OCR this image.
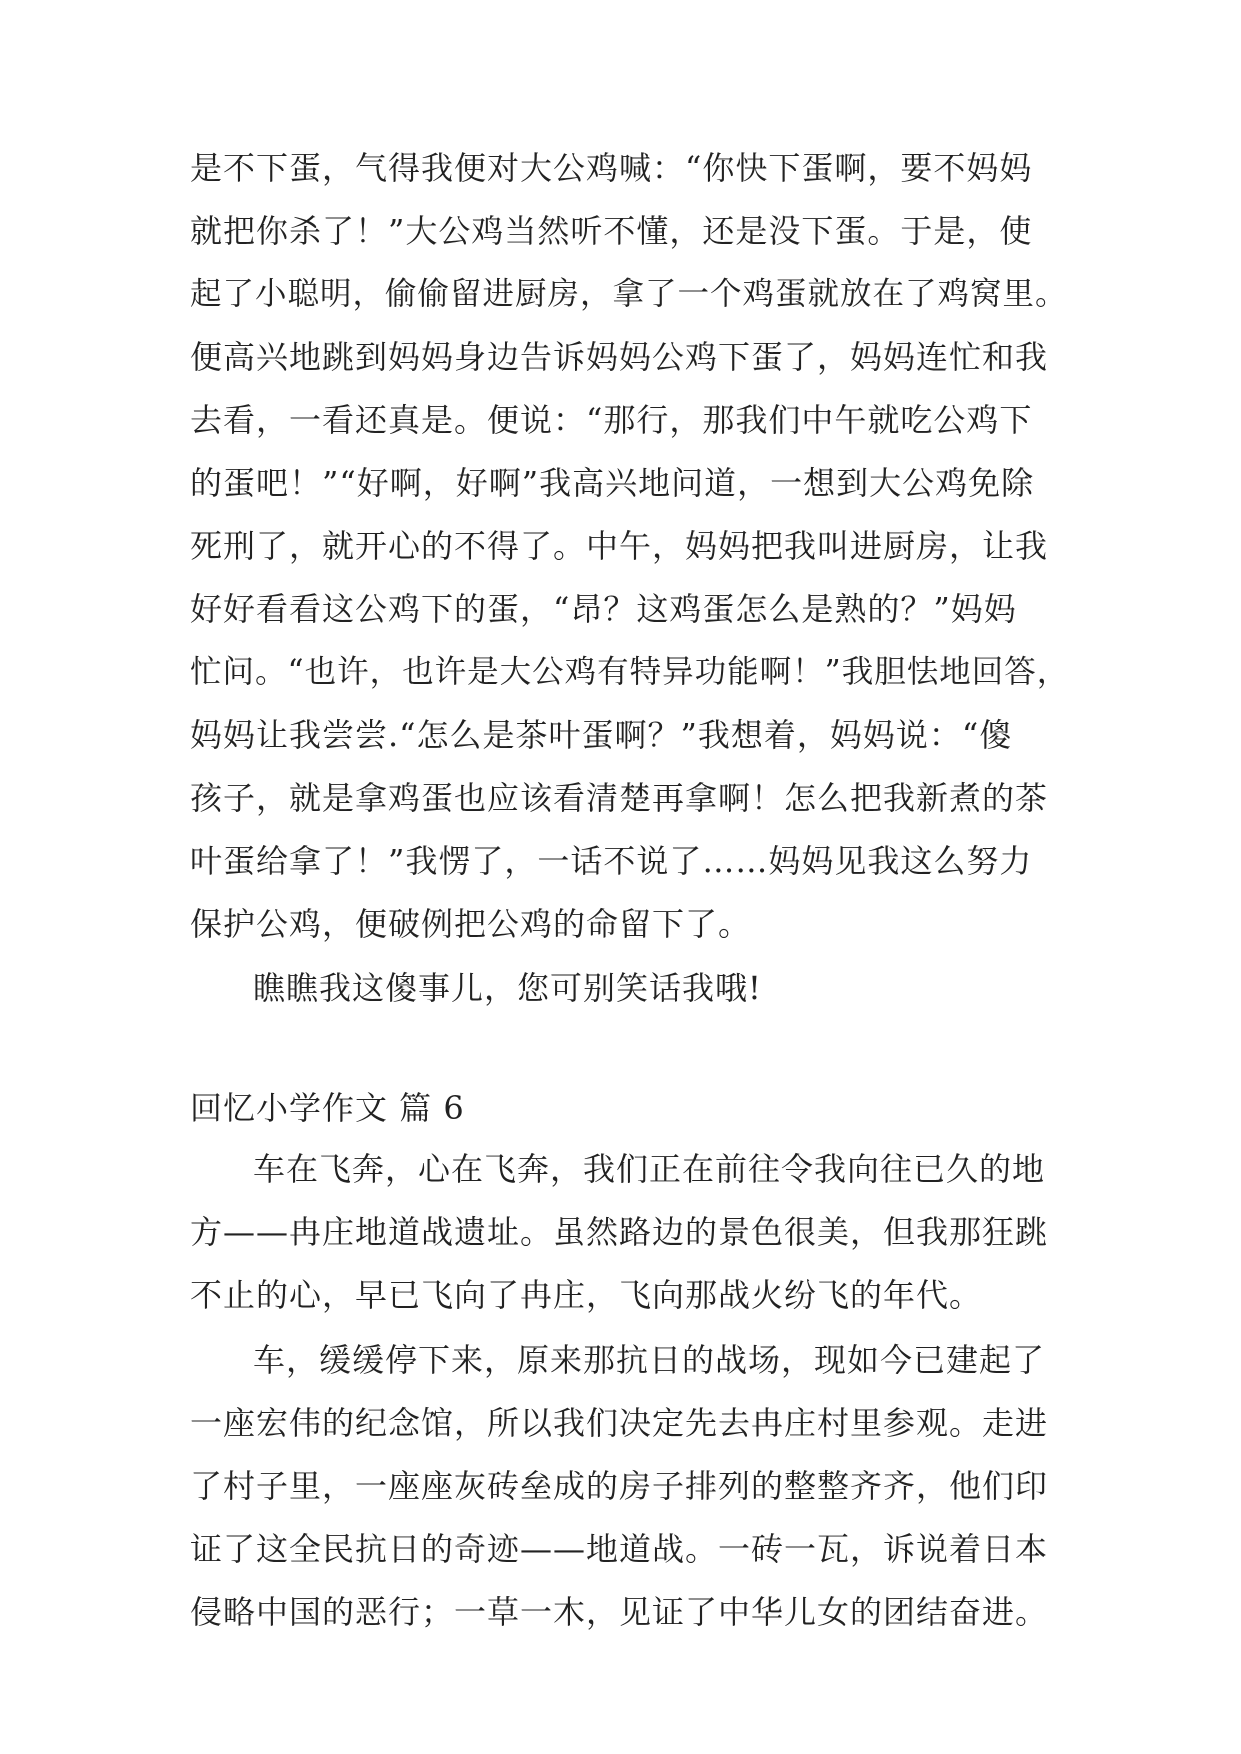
是不下蛋，气得我便对大公鸡喊：“你快下蛋啊，要不妈妈
就把你杀了！”大公鸡当然听不懂，还是没下蛋。于是，使
起了小聪明，偷偷留进厨房，拿了一个鸡蛋就放在了鸡窝里。
便高兴地跳到妈妈身边告诉妈妈公鸡下蛋了，妈妈连忙和我
去看，一看还真是。便说：“那行，那我们中午就吃公鸡下
的蛋吧！”“好啊，好啊”我高兴地问道，一想到大公鸡免除
死刑了，就开心的不得了。中午，妈妈把我叫进厨房，让我
好好看看这公鸡下的蛋，“昂？这鸡蛋怎么是熟的？”妈妈
忙问。“也许，也许是大公鸡有特异功能啊！”我胆怯地回答，
妈妈让我尝尝.“怎么是茶叶蛋啊？”我想着，妈妈说：“傻
孩子，就是拿鸡蛋也应该看清楚再拿啊！怎么把我新煮的茶
叶蛋给拿了！”我愣了，一话不说了……妈妈见我这么努力
保护公鸡，便破例把公鸡的命留下了。
瞧瞧我这傻事儿，您可别笑话我哦!
回忆小学作文 篇 6
车在飞奔，心在飞奔，我们正在前往令我向往已久的地
方——冉庄地道战遗址。虽然路边的景色很美，但我那狂跳
不止的心，早已飞向了冉庄，飞向那战火纷飞的年代。
车，缓缓停下来，原来那抗日的战场，现如今已建起了
一座宏伟的纪念馆，所以我们决定先去冉庄村里参观。走进
了村子里，一座座灰砖垒成的房子排列的整整齐齐，他们印
证了这全民抗日的奇迹——地道战。一砖一瓦，诉说着日本
侵略中国的恶行；一草一木，见证了中华儿女的团结奋进。
